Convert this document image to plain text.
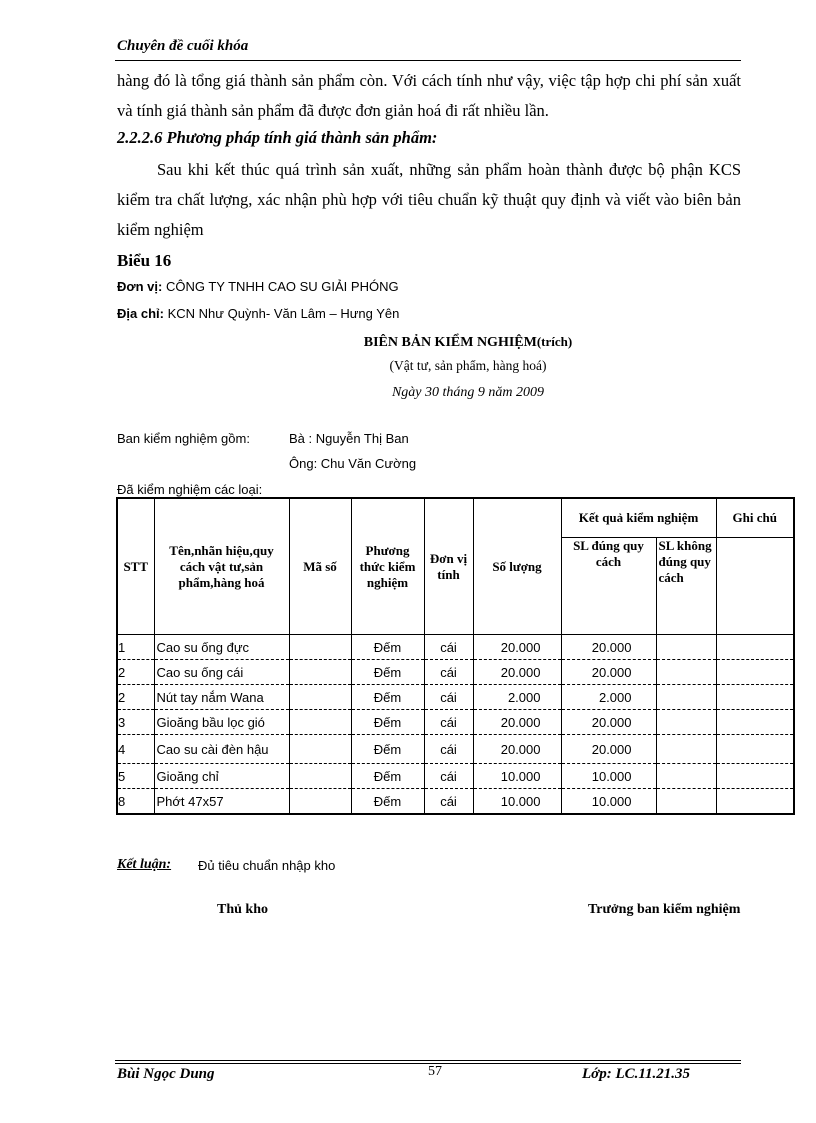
Chuyên đề cuối khóa
hàng đó là tổng giá thành sản phẩm còn. Với cách tính như vậy, việc tập hợp chi phí sản xuất và tính giá thành sản phẩm đã được đơn giản hoá đi rất nhiều lần.
2.2.2.6 Phương pháp tính giá thành sản phẩm:
Sau khi kết thúc quá trình sản xuất, những sản phẩm hoàn thành được bộ phận KCS kiểm tra chất lượng, xác nhận phù hợp với tiêu chuẩn kỹ thuật quy định và viết vào biên bản kiểm nghiệm
Biểu 16
Đơn vị: CÔNG TY TNHH CAO SU GIẢI PHÓNG
Địa chỉ: KCN Như Quỳnh- Văn Lâm – Hưng Yên
BIÊN BẢN KIỂM NGHIỆM(trích)
(Vật tư, sản phẩm, hàng hoá)
Ngày 30 tháng 9 năm 2009
Ban kiểm nghiệm gồm:	Bà : Nguyễn Thị Ban
Ông: Chu Văn Cường
Đã kiểm nghiệm các loại:
STT	Tên,nhãn hiệu,quy cách vật tư,sản phẩm,hàng hoá	Mã số	Phương thức kiểm nghiệm	Đơn vị tính	Số lượng	Kết quả kiểm nghiệm		Ghi chú
						SL đúng quy cách	SL không đúng quy cách	
1	Cao su ống đực		Đếm	cái	20.000	20.000		
2	Cao su ống cái		Đếm	cái	20.000	20.000		
2	Nút tay nắm Wana		Đếm	cái	2.000	2.000		
3	Gioăng bầu lọc gió		Đếm	cái	20.000	20.000		
4	Cao su cài đèn hậu		Đếm	cái	20.000	20.000		
5	Gioăng chỉ		Đếm	cái	10.000	10.000		
8	Phớt 47x57		Đếm	cái	10.000	10.000		
Kết luận: Đủ tiêu chuẩn nhập kho
Thủ kho	Trưởng ban kiểm nghiệm
Bùi Ngọc Dung	57	Lớp: LC.11.21.35
